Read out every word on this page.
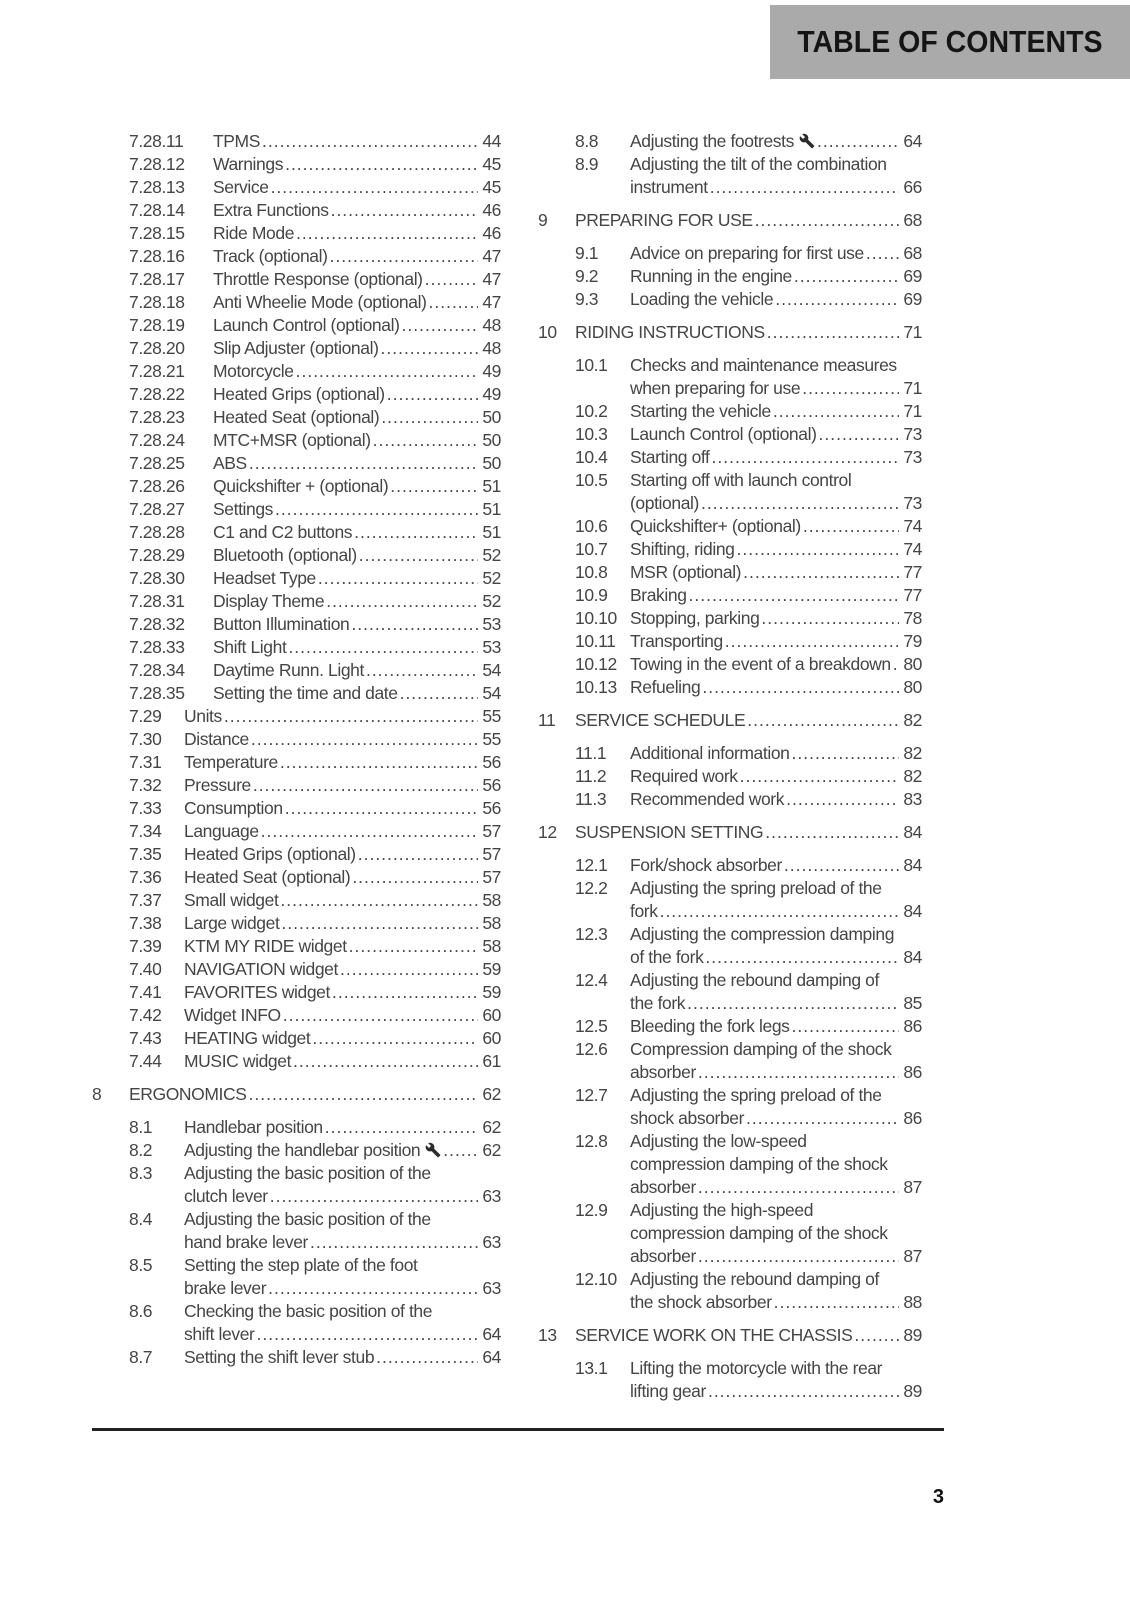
TABLE OF CONTENTS
7.28.11	TPMS .....	44
7.28.12	Warnings .....	45
7.28.13	Service .....	45
7.28.14	Extra Functions .....	46
7.28.15	Ride Mode .....	46
7.28.16	Track (optional) .....	47
7.28.17	Throttle Response (optional) .....	47
7.28.18	Anti Wheelie Mode (optional) .....	47
7.28.19	Launch Control (optional) .....	48
7.28.20	Slip Adjuster (optional) .....	48
7.28.21	Motorcycle .....	49
7.28.22	Heated Grips (optional) .....	49
7.28.23	Heated Seat (optional) .....	50
7.28.24	MTC+MSR (optional) .....	50
7.28.25	ABS .....	50
7.28.26	Quickshifter + (optional) .....	51
7.28.27	Settings .....	51
7.28.28	C1 and C2 buttons .....	51
7.28.29	Bluetooth (optional) .....	52
7.28.30	Headset Type .....	52
7.28.31	Display Theme .....	52
7.28.32	Button Illumination .....	53
7.28.33	Shift Light .....	53
7.28.34	Daytime Runn. Light .....	54
7.28.35	Setting the time and date .....	54
7.29	Units .....	55
7.30	Distance .....	55
7.31	Temperature .....	56
7.32	Pressure .....	56
7.33	Consumption .....	56
7.34	Language .....	57
7.35	Heated Grips (optional) .....	57
7.36	Heated Seat (optional) .....	57
7.37	Small widget .....	58
7.38	Large widget .....	58
7.39	KTM MY RIDE widget .....	58
7.40	NAVIGATION widget .....	59
7.41	FAVORITES widget .....	59
7.42	Widget INFO .....	60
7.43	HEATING widget .....	60
7.44	MUSIC widget .....	61
8	ERGONOMICS .....	62
8.1	Handlebar position .....	62
8.2	Adjusting the handlebar position .....	62
8.3	Adjusting the basic position of the
clutch lever .....	63
8.4	Adjusting the basic position of the
hand brake lever .....	63
8.5	Setting the step plate of the foot
brake lever .....	63
8.6	Checking the basic position of the
shift lever .....	64
8.7	Setting the shift lever stub .....	64
8.8	Adjusting the footrests .....	64
8.9	Adjusting the tilt of the combination
instrument .....	66
9	PREPARING FOR USE .....	68
9.1	Advice on preparing for first use ..... 68
9.2	Running in the engine .....	69
9.3	Loading the vehicle .....	69
10	RIDING INSTRUCTIONS .....	71
10.1	Checks and maintenance measures
when preparing for use .....	71
10.2	Starting the vehicle .....	71
10.3	Launch Control (optional) .....	73
10.4	Starting off .....	73
10.5	Starting off with launch control
(optional) .....	73
10.6	Quickshifter+ (optional) .....	74
10.7	Shifting, riding .....	74
10.8	MSR (optional) .....	77
10.9	Braking .....	77
10.10 Stopping, parking .....	78
10.11 Transporting .....	79
10.12 Towing in the event of a breakdown ..... 80
10.13 Refueling .....	80
11	SERVICE SCHEDULE .....	82
11.1	Additional information .....	82
11.2	Required work .....	82
11.3	Recommended work .....	83
12	SUSPENSION SETTING .....	84
12.1	Fork/shock absorber .....	84
12.2	Adjusting the spring preload of the
fork .....	84
12.3	Adjusting the compression damping
of the fork .....	84
12.4	Adjusting the rebound damping of
the fork .....	85
12.5	Bleeding the fork legs .....	86
12.6	Compression damping of the shock
absorber .....	86
12.7	Adjusting the spring preload of the
shock absorber .....	86
12.8	Adjusting the low-speed
compression damping of the shock
absorber .....	87
12.9	Adjusting the high-speed
compression damping of the shock
absorber .....	87
12.10 Adjusting the rebound damping of
the shock absorber .....	88
13	SERVICE WORK ON THE CHASSIS .....	89
13.1	Lifting the motorcycle with the rear
lifting gear .....	89
3
